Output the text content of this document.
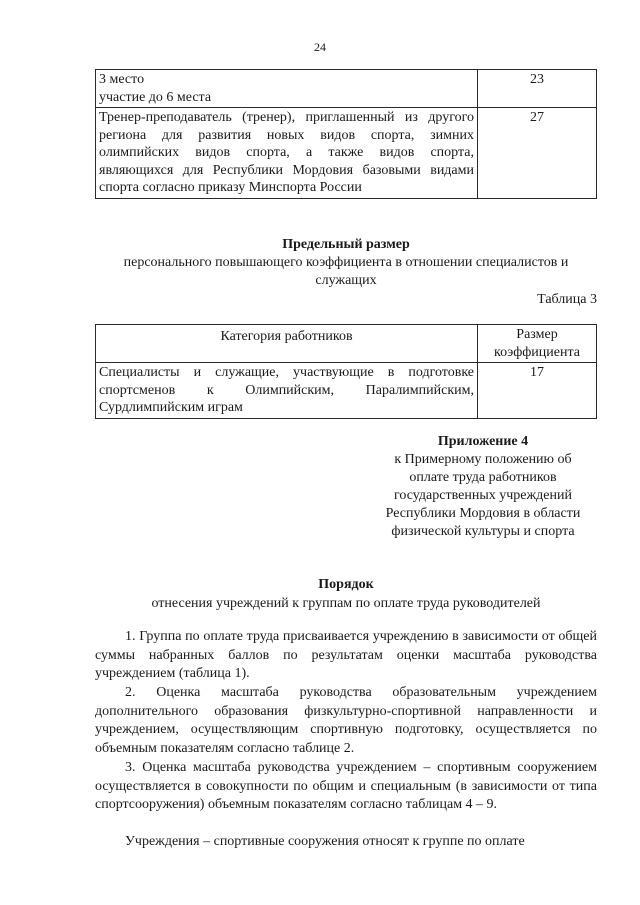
24
3 место
участие до 6 места	23
Тренер-преподаватель (тренер), приглашенный из другого региона для развития новых видов спорта, зимних олимпийских видов спорта, а также видов спорта, являющихся для Республики Мордовия базовыми видами спорта согласно приказу Минспорта России	27
Предельный размер
персонального повышающего коэффициента в отношении специалистов и служащих
Таблица 3
Категория работников	Размер коэффициента
Специалисты и служащие, участвующие в подготовке спортсменов к Олимпийским, Паралимпийским, Сурдлимпийским играм	17
Приложение 4
к Примерному положению об
оплате труда работников
государственных учреждений
Республики Мордовия в области
физической культуры и спорта
Порядок
отнесения учреждений к группам по оплате труда руководителей

1. Группа по оплате труда присваивается учреждению в зависимости от общей суммы набранных баллов по результатам оценки масштаба руководства учреждением (таблица 1).

2. Оценка масштаба руководства образовательным учреждением дополнительного образования физкультурно-спортивной направленности и учреждением, осуществляющим спортивную подготовку, осуществляется по объемным показателям согласно таблице 2.

3. Оценка масштаба руководства учреждением – спортивным сооружением осуществляется в совокупности по общим и специальным (в зависимости от типа спортсооружения) объемным показателям согласно таблицам 4 – 9.

Учреждения – спортивные сооружения относят к группе по оплате
